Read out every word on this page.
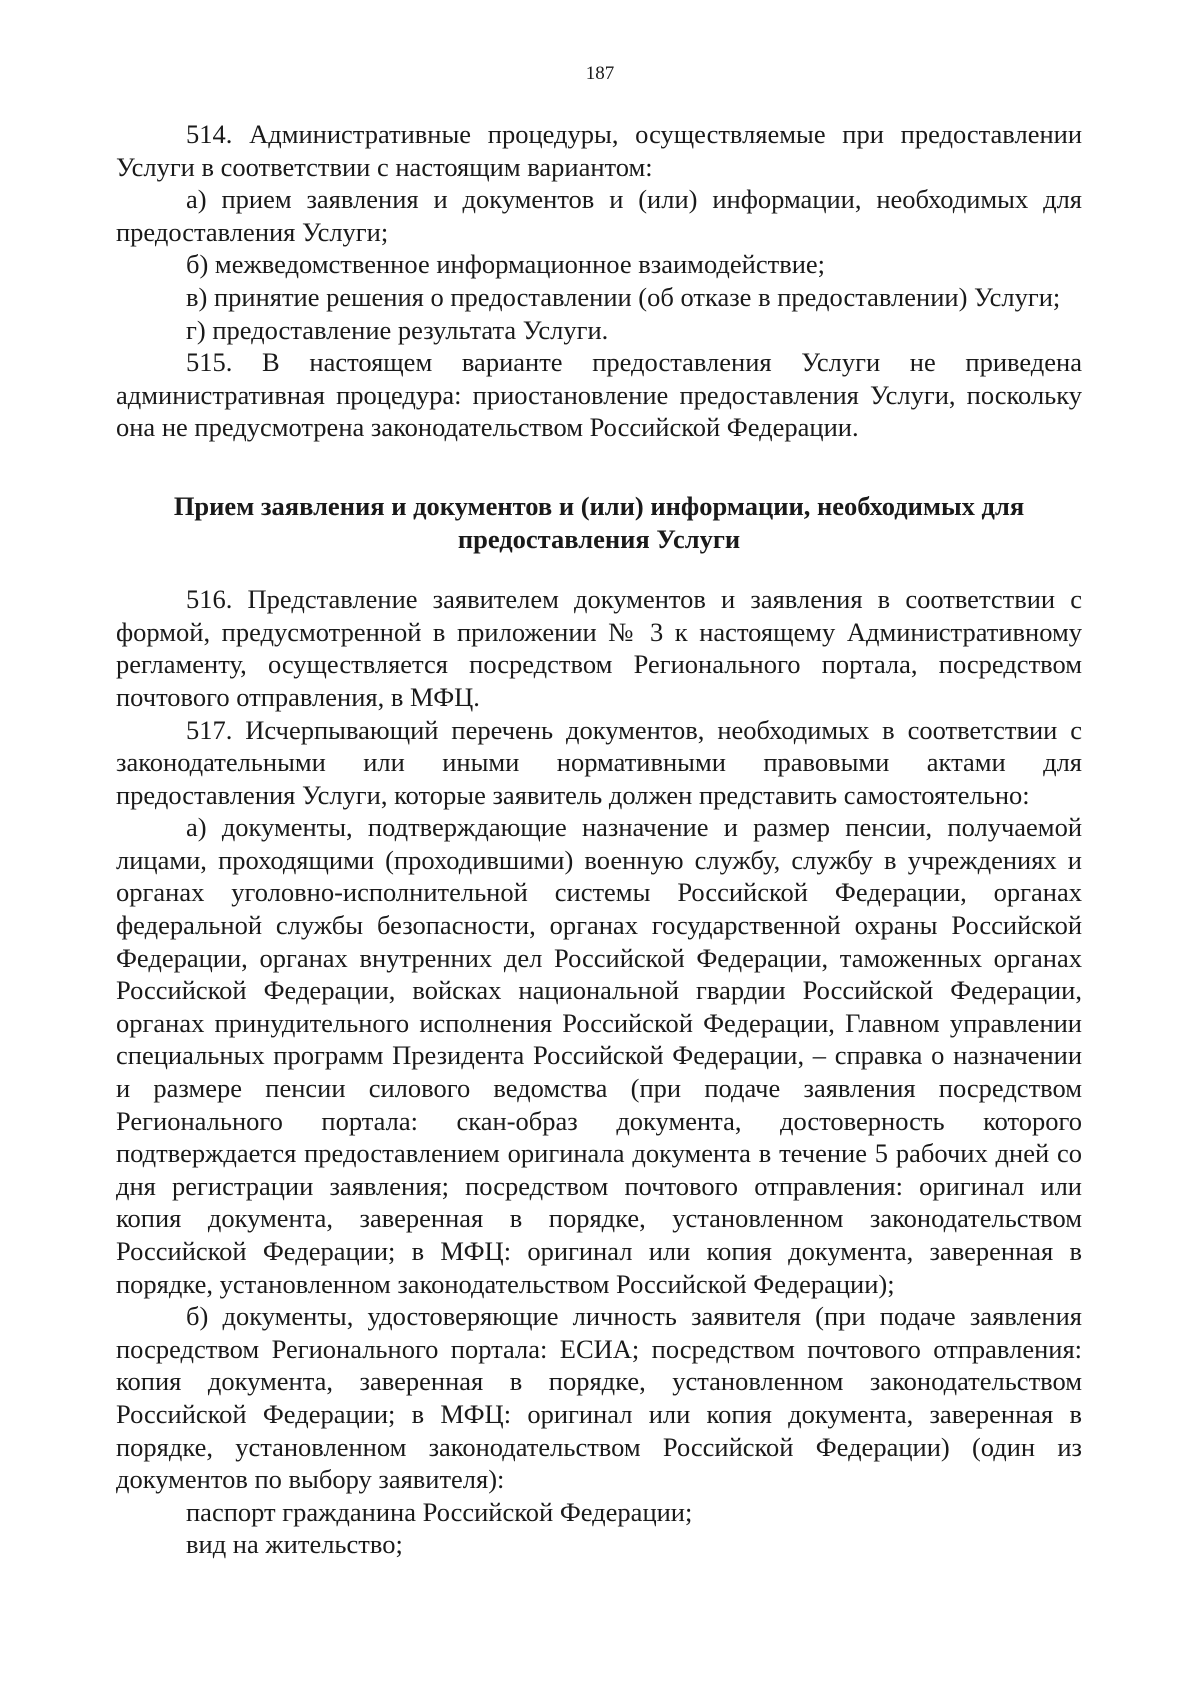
187

514. Административные процедуры, осуществляемые при предоставлении Услуги в соответствии с настоящим вариантом:

а) прием заявления и документов и (или) информации, необходимых для предоставления Услуги;

б) межведомственное информационное взаимодействие;

в) принятие решения о предоставлении (об отказе в предоставлении) Услуги;

г) предоставление результата Услуги.

515. В настоящем варианте предоставления Услуги не приведена административная процедура: приостановление предоставления Услуги, поскольку она не предусмотрена законодательством Российской Федерации.

Прием заявления и документов и (или) информации, необходимых для предоставления Услуги

516. Представление заявителем документов и заявления в соответствии с формой, предусмотренной в приложении № 3 к настоящему Административному регламенту, осуществляется посредством Регионального портала, посредством почтового отправления, в МФЦ.

517. Исчерпывающий перечень документов, необходимых в соответствии с законодательными или иными нормативными правовыми актами для предоставления Услуги, которые заявитель должен представить самостоятельно:

а) документы, подтверждающие назначение и размер пенсии, получаемой лицами, проходящими (проходившими) военную службу, службу в учреждениях и органах уголовно-исполнительной системы Российской Федерации, органах федеральной службы безопасности, органах государственной охраны Российской Федерации, органах внутренних дел Российской Федерации, таможенных органах Российской Федерации, войсках национальной гвардии Российской Федерации, органах принудительного исполнения Российской Федерации, Главном управлении специальных программ Президента Российской Федерации, – справка о назначении и размере пенсии силового ведомства (при подаче заявления посредством Регионального портала: скан-образ документа, достоверность которого подтверждается предоставлением оригинала документа в течение 5 рабочих дней со дня регистрации заявления; посредством почтового отправления: оригинал или копия документа, заверенная в порядке, установленном законодательством Российской Федерации; в МФЦ: оригинал или копия документа, заверенная в порядке, установленном законодательством Российской Федерации);

б) документы, удостоверяющие личность заявителя (при подаче заявления посредством Регионального портала: ЕСИА; посредством почтового отправления: копия документа, заверенная в порядке, установленном законодательством Российской Федерации; в МФЦ: оригинал или копия документа, заверенная в порядке, установленном законодательством Российской Федерации) (один из документов по выбору заявителя):

паспорт гражданина Российской Федерации;

вид на жительство;
